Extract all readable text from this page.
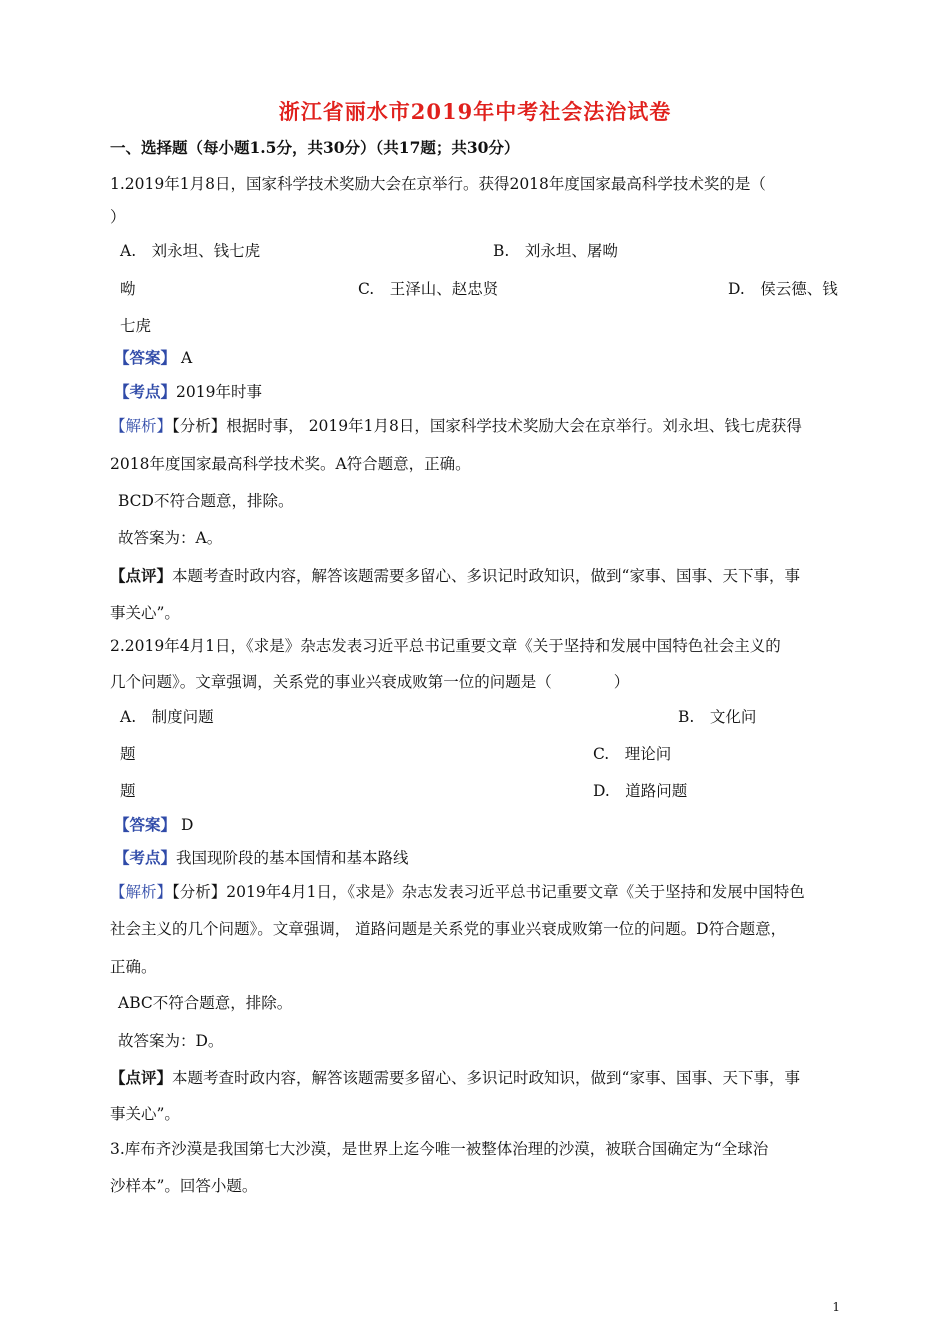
浙江省丽水市2019年中考社会法治试卷
一、选择题（每小题1.5分，共30分）（共17题；共30分）
1.2019年1月8日，国家科学技术奖励大会在京举行。获得2018年度国家最高科学技术奖的是（
）
A.　刘永坦、钱七虎	B.　刘永坦、屠呦
呦	C.　王泽山、赵忠贤	D.　侯云德、钱
七虎
【答案】 A
【考点】2019年时事
【解析】【分析】根据时事， 2019年1月8日，国家科学技术奖励大会在京举行。刘永坦、钱七虎获得
2018年度国家最高科学技术奖。A符合题意，正确。
BCD不符合题意，排除。
故答案为：A。
【点评】本题考查时政内容，解答该题需要多留心、多识记时政知识，做到“家事、国事、天下事，事
事关心”。
2.2019年4月1日，《求是》杂志发表习近平总书记重要文章《关于坚持和发展中国特色社会主义的
几个问题》。文章强调，关系党的事业兴衰成败第一位的问题是（　　　　）
A.　制度问题	B.　文化问
题	C.　理论问
题	D.　道路问题
【答案】 D
【考点】我国现阶段的基本国情和基本路线
【解析】【分析】2019年4月1日，《求是》杂志发表习近平总书记重要文章《关于坚持和发展中国特色
社会主义的几个问题》。文章强调， 道路问题是关系党的事业兴衰成败第一位的问题。D符合题意，
正确。
ABC不符合题意，排除。
故答案为：D。
【点评】本题考查时政内容，解答该题需要多留心、多识记时政知识，做到“家事、国事、天下事，事
事关心”。
3.库布齐沙漠是我国第七大沙漠，是世界上迄今唯一被整体治理的沙漠，被联合国确定为“全球治
沙样本”。回答小题。
1
